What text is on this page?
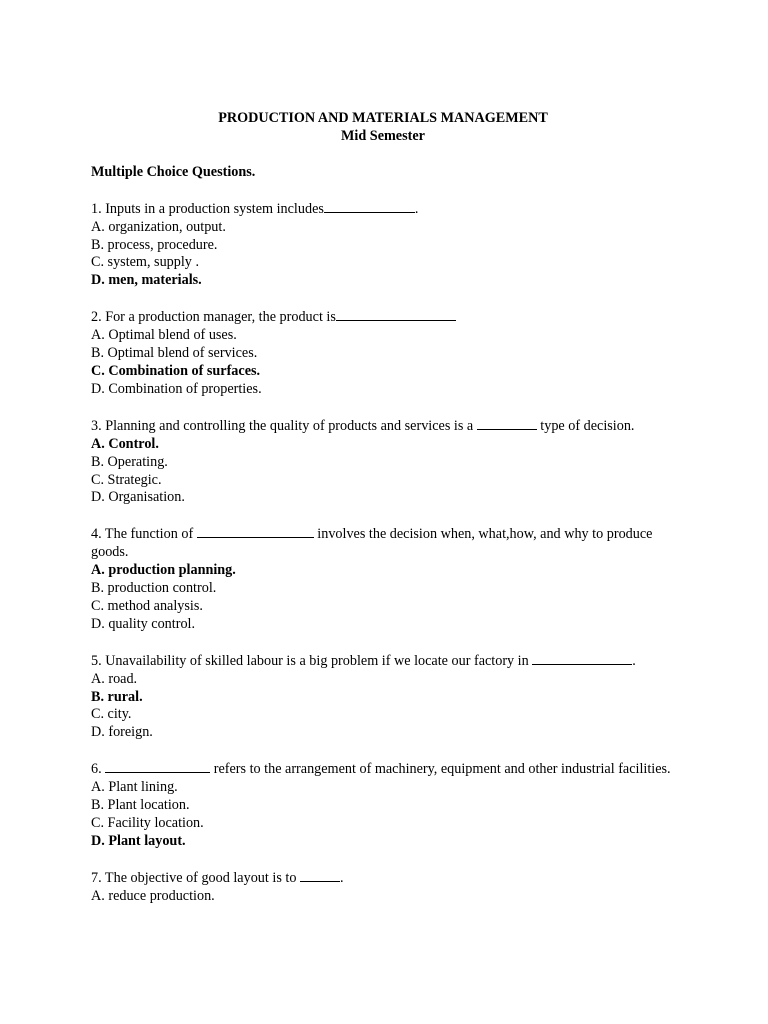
PRODUCTION AND MATERIALS MANAGEMENT
Mid Semester
Multiple Choice Questions.
1. Inputs in a production system includes	.
A. organization, output.
B. process, procedure.
C. system, supply .
D. men, materials.
2. For a production manager, the product is
A. Optimal blend of uses.
B. Optimal blend of services.
C. Combination of surfaces.
D. Combination of properties.
3. Planning and controlling the quality of products and services is a	type of decision.
A. Control.
B. Operating.
C. Strategic.
D. Organisation.
4. The function of	involves the decision when, what,how, and why to produce goods.
A. production planning.
B. production control.
C. method analysis.
D. quality control.
5. Unavailability of skilled labour is a big problem if we locate our factory in	.
A. road.
B. rural.
C. city.
D. foreign.
6.	refers to the arrangement of machinery, equipment and other industrial facilities.
A. Plant lining.
B. Plant location.
C. Facility location.
D. Plant layout.
7. The objective of good layout is to	.
A. reduce production.
